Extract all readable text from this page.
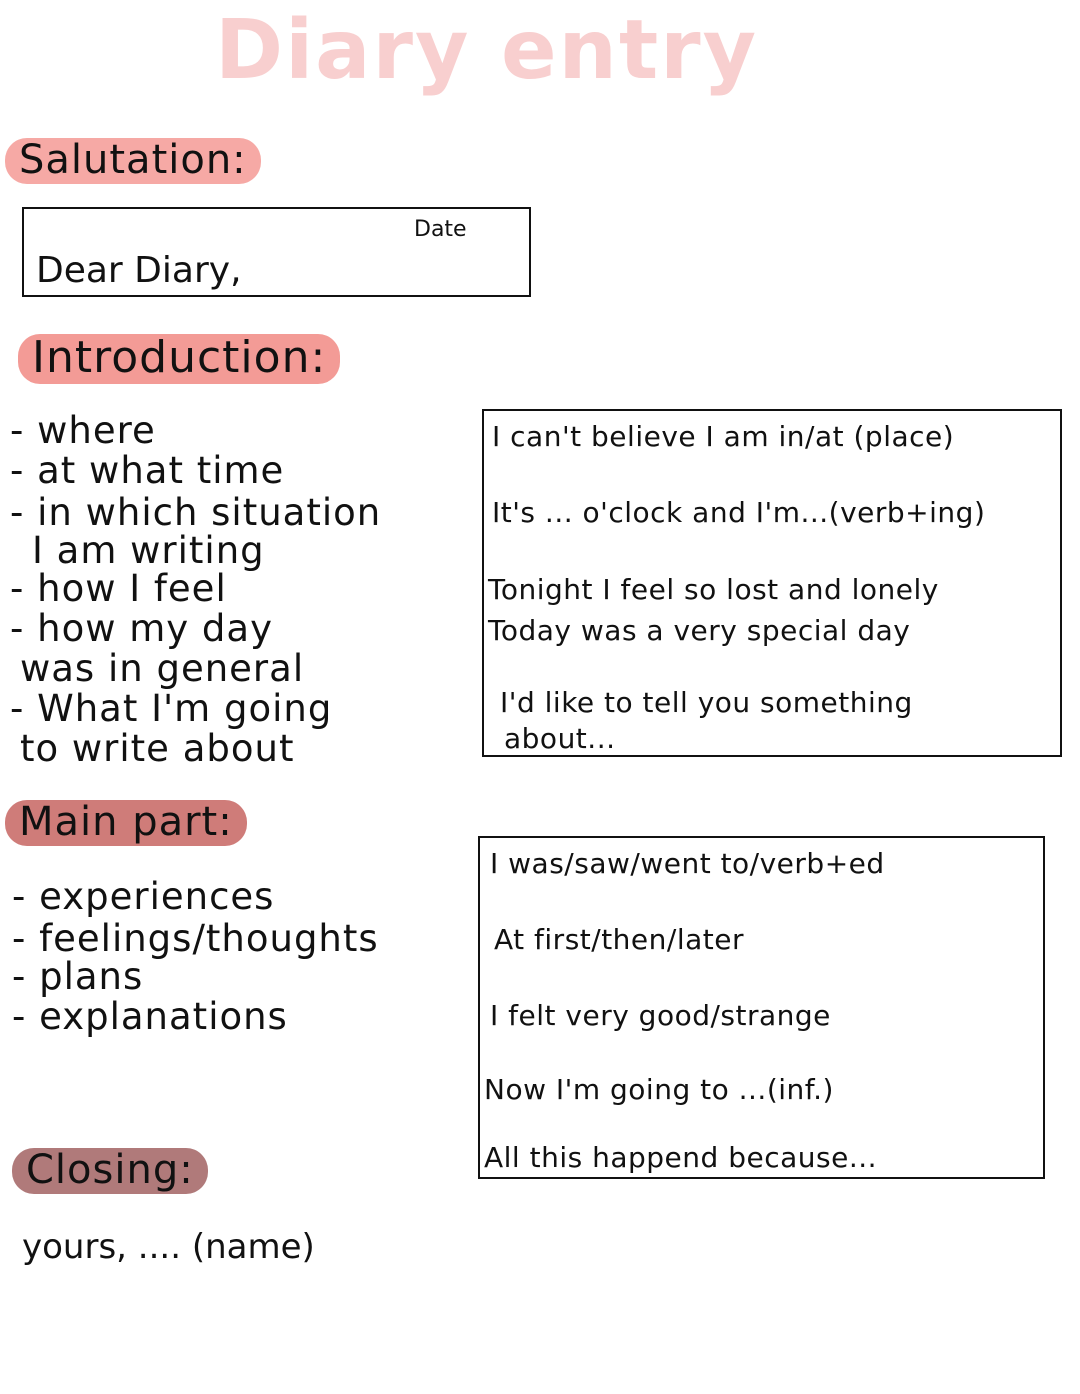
Diary entry
Salutation:
Date
Dear Diary,
Introduction:
- where
- at what time
- in which situation
I am writing
- how I feel
- how my day
was in general
- What I'm going
to write about
I can't believe I am in/at (place)
It's ... o'clock and I'm...(verb+ing)
Tonight I feel so lost and lonely
Today was a very special day
I'd like to tell you something
about...
Main part:
- experiences
- feelings/thoughts
- plans
- explanations
I was/saw/went to/verb+ed
At first/then/later
I felt very good/strange
Now I'm going to ...(inf.)
All this happend because...
Closing:
yours, .... (name)
